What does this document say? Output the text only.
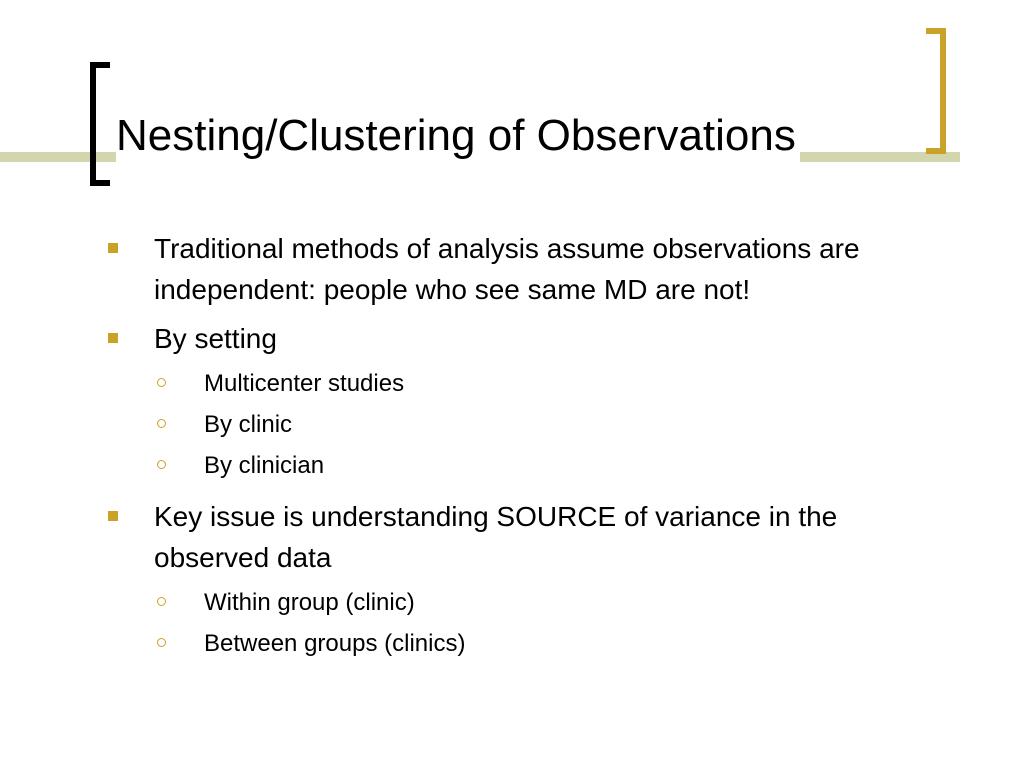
Nesting/Clustering of Observations
Traditional methods of analysis assume observations are independent: people who see same MD are not!
By setting
Multicenter studies
By clinic
By clinician
Key issue is understanding SOURCE of variance in the observed data
Within group (clinic)
Between groups (clinics)
